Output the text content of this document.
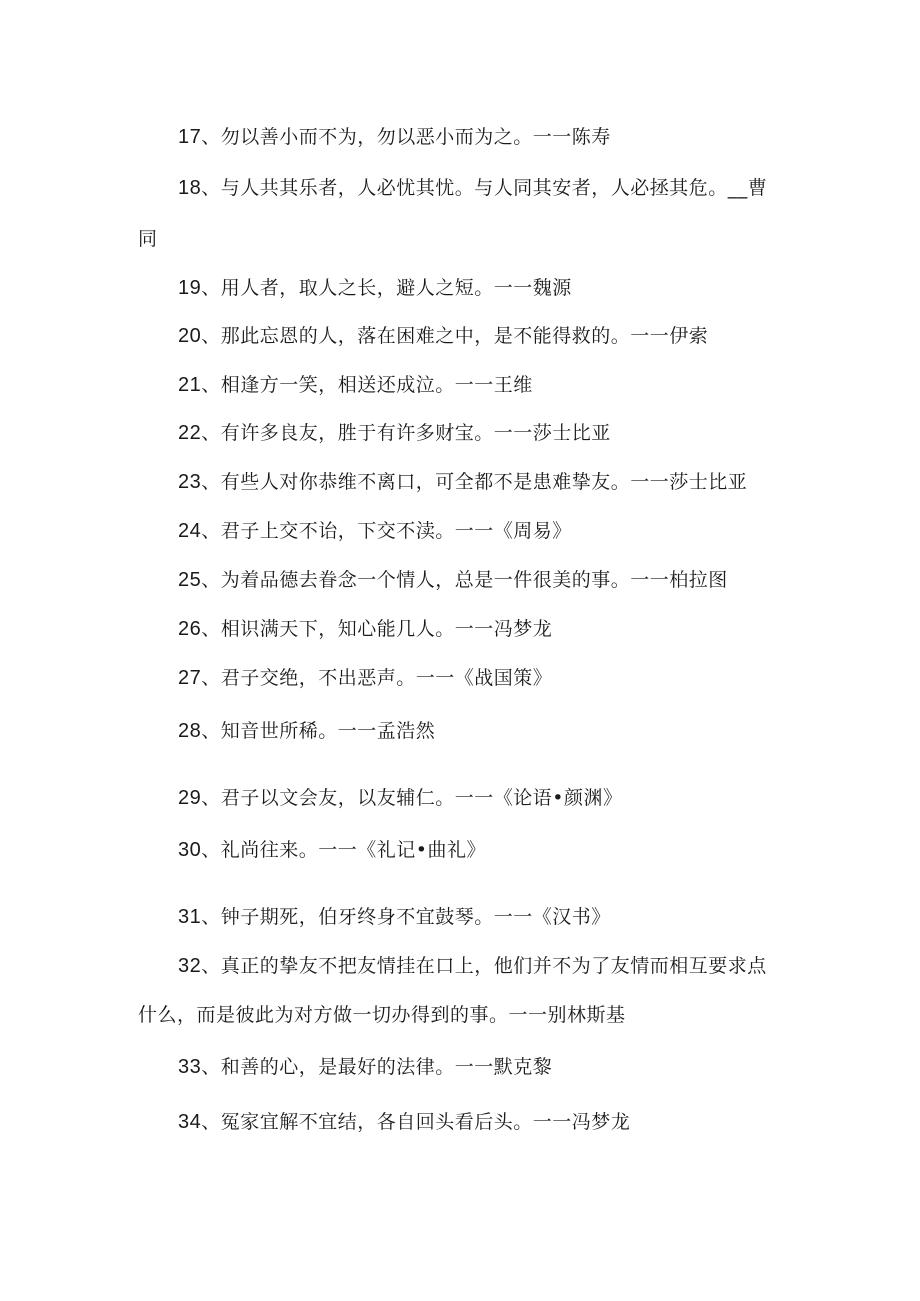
17、勿以善小而不为，勿以恶小而为之。一一陈寿
18、与人共其乐者，人必忧其忧。与人同其安者，人必拯其危。__曹
同
19、用人者，取人之长，避人之短。一一魏源
20、那此忘恩的人，落在困难之中，是不能得救的。一一伊索
21、相逢方一笑，相送还成泣。一一王维
22、有许多良友，胜于有许多财宝。一一莎士比亚
23、有些人对你恭维不离口，可全都不是患难挚友。一一莎士比亚
24、君子上交不诒，下交不渎。一一《周易》
25、为着品德去眷念一个情人，总是一件很美的事。一一柏拉图
26、相识满天下，知心能几人。一一冯梦龙
27、君子交绝，不出恶声。一一《战国策》
28、知音世所稀。一一孟浩然
29、君子以文会友，以友辅仁。一一《论语•颜渊》
30、礼尚往来。一一《礼记•曲礼》
31、钟子期死，伯牙终身不宜鼓琴。一一《汉书》
32、真正的挚友不把友情挂在口上，他们并不为了友情而相互要求点
什么，而是彼此为对方做一切办得到的事。一一别林斯基
33、和善的心，是最好的法律。一一默克黎
34、冤家宜解不宜结，各自回头看后头。一一冯梦龙
